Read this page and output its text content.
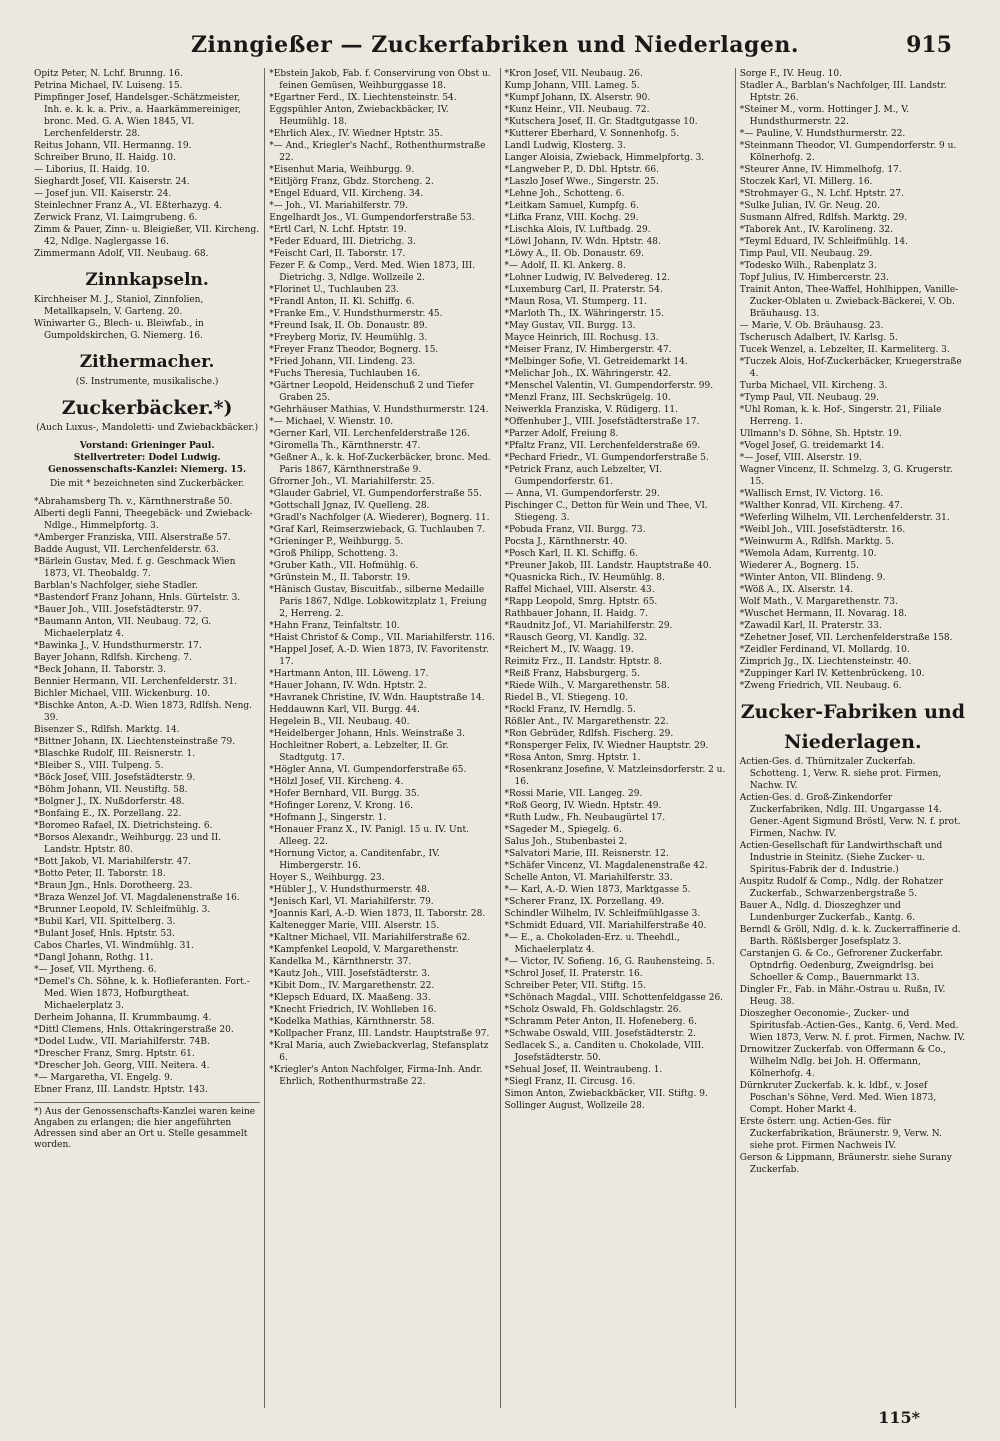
Zinngießer — Zuckerfabriken und Niederlagen.	915

Opitz Peter, N. Lchf. Brunng. 16.

Petrina Michael, IV. Luiseng. 15.

Pimpfinger Josef, Handelsger.-Schätzmeister, Inh. e. k. k. a. Priv., a. Haarkämmereiniger, bronc. Med. G. A. Wien 1845, VI. Lerchenfelderstr. 28.

Reitus Johann, VII. Hermanng. 19.

Schreiber Bruno, II. Haidg. 10.

— Liborius, II. Haidg. 10.

Sieghardt Josef, VII. Kaiserstr. 24.

— Josef jun. VII. Kaiserstr. 24.

Steinlechner Franz A., VI. Eßterhazyg. 4.

Zerwick Franz, VI. Laimgrubeng. 6.

Zimm & Pauer, Zinn- u. Bleigießer, VII. Kircheng. 42, Ndlge. Naglergasse 16.

Zimmermann Adolf, VII. Neubaug. 68.

Zinnkapseln.

Kirchheiser M. J., Staniol, Zinnfolien, Metallkapseln, V. Garteng. 20.

Winiwarter G., Blech- u. Bleiwfab., in Gumpoldskirchen, G. Niemerg. 16.

Zithermacher.
(S. Instrumente, musikalische.)
Zuckerbäcker.*)
(Auch Luxus-, Mandoletti- und Zwiebackbäcker.)
Vorstand: Grieninger Paul.
Stellvertreter: Dodel Ludwig.
Genossenschafts-Kanzlei: Niemerg. 15.
Die mit * bezeichneten sind Zuckerbäcker.

*Abrahamsberg Th. v., Kärnthnerstraße 50.

Alberti degli Fanni, Theegebäck- und Zwieback-Ndlge., Himmelpfortg. 3.

*Amberger Franziska, VIII. Alserstraße 57.

Badde August, VII. Lerchenfelderstr. 63.

*Bärlein Gustav, Med. f. g. Geschmack Wien 1873, VI. Theobaldg. 7.

Barblan's Nachfolger, siehe Stadler.

*Bastendorf Franz Johann, Hnls. Gürtelstr. 3.

*Bauer Joh., VIII. Josefstädterstr. 97.

*Baumann Anton, VII. Neubaug. 72, G. Michaelerplatz 4.

*Bawinka J., V. Hundsthurmerstr. 17.

Bayer Johann, Rdlfsh. Kircheng. 7.

*Beck Johann, II. Taborstr. 3.

Bennier Hermann, VII. Lerchenfelderstr. 31.

Bichler Michael, VIII. Wickenburg. 10.

*Bischke Anton, A.-D. Wien 1873, Rdlfsh. Neng. 39.

Bisenzer S., Rdlfsh. Marktg. 14.

*Bittner Johann, IX. Liechtensteinstraße 79.

*Blaschke Rudolf, III. Reisnerstr. 1.

*Bleiber S., VIII. Tulpeng. 5.

*Böck Josef, VIII. Josefstädterstr. 9.

*Böhm Johann, VII. Neustiftg. 58.

*Bolgner J., IX. Nußdorferstr. 48.

*Bonfaing E., IX. Porzellang. 22.

*Boromeo Rafael, IX. Dietrichsteing. 6.

*Borsos Alexandr., Weihburgg. 23 und II. Landstr. Hptstr. 80.

*Bott Jakob, VI. Mariahilferstr. 47.

*Botto Peter, II. Taborstr. 18.

*Braun Jgn., Hnls. Dorotheerg. 23.

*Braza Wenzel Jof. VI. Magdalenenstraße 16.

*Brunner Leopold, IV. Schleifmühlg. 3.

*Bubil Karl, VII. Spittelberg. 3.

*Bulant Josef, Hnls. Hptstr. 53.

Cabos Charles, VI. Windmühlg. 31.

*Dangl Johann, Rothg. 11.

*— Josef, VII. Myrtheng. 6.

*Demel's Ch. Söhne, k. k. Hoflieferanten. Fort.-Med. Wien 1873, Hofburgtheat. Michaelerplatz 3.

Derheim Johanna, II. Krummbaumg. 4.

*Dittl Clemens, Hnls. Ottakringerstraße 20.

*Dodel Ludw., VII. Mariahilferstr. 74B.

*Drescher Franz, Smrg. Hptstr. 61.

*Drescher Joh. Georg, VIII. Neitera. 4.

*— Margaretha, VI. Engelg. 9.

Ebner Franz, III. Landstr. Hptstr. 143.

*) Aus der Genossenschafts-Kanzlei waren keine Angaben zu erlangen; die hier angeführten Adressen sind aber an Ort u. Stelle gesammelt worden.

*Ebstein Jakob, Fab. f. Conservirung von Obst u. feinen Gemüsen, Weihburggasse 18.

*Egartner Ferd., IX. Liechtensteinstr. 54.

Eggspühler Anton, Zwiebackbäcker, IV. Heumühlg. 18.

*Ehrlich Alex., IV. Wiedner Hptstr. 35.

*— And., Kriegler's Nachf., Rothenthurmstraße 22.

*Eisenhut Maria, Weihburgg. 9.

*Eitljörg Franz, Gbdz. Storcheng. 2.

*Engel Eduard, VII. Kircheng. 34.

*— Joh., VI. Mariahilferstr. 79.

Engelhardt Jos., VI. Gumpendorferstraße 53.

*Ertl Carl, N. Lchf. Hptstr. 19.

*Feder Eduard, III. Dietrichg. 3.

*Feischt Carl, II. Taborstr. 17.

Fezer F. & Comp., Verd. Med. Wien 1873, III. Dietrichg. 3, Ndlge. Wollzeile 2.

*Florinet U., Tuchlauben 23.

*Frandl Anton, II. Kl. Schiffg. 6.

*Franke Em., V. Hundsthurmerstr. 45.

*Freund Isak, II. Ob. Donaustr. 89.

*Freyberg Moriz, IV. Heumühlg. 3.

*Freyer Franz Theodor, Bognerg. 15.

*Fried Johann, VII. Lindeng. 23.

*Fuchs Theresia, Tuchlauben 16.

*Gärtner Leopold, Heidenschuß 2 und Tiefer Graben 25.

*Gehrhäuser Mathias, V. Hundsthurmerstr. 124.

*— Michael, V. Wienstr. 10.

*Gerner Karl, VII. Lerchenfelderstraße 126.

*Giromella Th., Kärnthnerstr. 47.

*Geßner A., k. k. Hof-Zuckerbäcker, bronc. Med. Paris 1867, Kärnthnerstraße 9.

Gfrorner Joh., VI. Mariahilferstr. 25.

*Glauder Gabriel, VI. Gumpendorferstraße 55.

*Gottschall Jgnaz, IV. Quelleng. 28.

*Gradl's Nachfolger (A. Wiederer), Bognerg. 11.

*Graf Karl, Reimserzwieback, G. Tuchlauben 7.

*Grieninger P., Weihburgg. 5.

*Groß Philipp, Schotteng. 3.

*Gruber Kath., VII. Hofmühlg. 6.

*Grünstein M., II. Taborstr. 19.

*Hänisch Gustav, Biscuitfab., silberne Medaille Paris 1867, Ndlge. Lobkowitzplatz 1, Freiung 2, Herreng. 2.

*Hahn Franz, Teinfaltstr. 10.

*Haist Christof & Comp., VII. Mariahilferstr. 116.

*Happel Josef, A.-D. Wien 1873, IV. Favoritenstr. 17.

*Hartmann Anton, III. Löweng. 17.

*Hauer Johann, IV. Wdn. Hptstr. 2.

*Havranek Christine, IV. Wdn. Hauptstraße 14.

Heddauwnn Karl, VII. Burgg. 44.

Hegelein B., VII. Neubaug. 40.

*Heidelberger Johann, Hnls. Weinstraße 3.

Hochleitner Robert, a. Lebzelter, II. Gr. Stadtgutg. 17.

*Högler Anna, VI. Gumpendorferstraße 65.

*Hölzl Josef, VII. Kircheng. 4.

*Hofer Bernhard, VII. Burgg. 35.

*Hofinger Lorenz, V. Krong. 16.

*Hofmann J., Singerstr. 1.

*Honauer Franz X., IV. Panigl. 15 u. IV. Unt. Alleeg. 22.

*Hornung Victor, a. Canditenfabr., IV. Himbergerstr. 16.

Hoyer S., Weihburgg. 23.

*Hübler J., V. Hundsthurmerstr. 48.

*Jenisch Karl, VI. Mariahilferstr. 79.

*Joannis Karl, A.-D. Wien 1873, II. Taborstr. 28.

Kaltenegger Marie, VIII. Alserstr. 15.

*Kaltner Michael, VII. Mariahilferstraße 62.

*Kampfenkel Leopold, V. Margarethenstr.

Kandelka M., Kärnthnerstr. 37.

*Kautz Joh., VIII. Josefstädterstr. 3.

*Kibit Dom., IV. Margarethenstr. 22.

*Klepsch Eduard, IX. Maaßeng. 33.

*Knecht Friedrich, IV. Wohlleben 16.

*Kodelka Mathias, Kärnthnerstr. 58.

*Kollpacher Franz, III. Landstr. Hauptstraße 97.

*Kral Maria, auch Zwiebackverlag, Stefansplatz 6.

*Kriegler's Anton Nachfolger, Firma-Inh. Andr. Ehrlich, Rothenthurmstraße 22.

*Kron Josef, VII. Neubaug. 26.

Kump Johann, VIII. Lameg. 5.

*Kumpf Johann, IX. Alserstr. 90.

*Kunz Heinr., VII. Neubaug. 72.

*Kutschera Josef, II. Gr. Stadtgutgasse 10.

*Kutterer Eberhard, V. Sonnenhofg. 5.

Landl Ludwig, Klosterg. 3.

Langer Aloisia, Zwieback, Himmelpfortg. 3.

*Langweber P., D. Dbl. Hptstr. 66.

*Laszlo Josef Wwe., Singerstr. 25.

*Lehne Joh., Schotteng. 6.

*Leitkam Samuel, Kumpfg. 6.

*Lifka Franz, VIII. Kochg. 29.

*Lischka Alois, IV. Luftbadg. 29.

*Löwl Johann, IV. Wdn. Hptstr. 48.

*Löwy A., II. Ob. Donaustr. 69.

*— Adolf, II. Kl. Ankerg. 8.

*Lohner Ludwig, IV. Belvedereg. 12.

*Luxemburg Carl, II. Praterstr. 54.

*Maun Rosa, VI. Stumperg. 11.

*Marloth Th., IX. Währingerstr. 15.

*May Gustav, VII. Burgg. 13.

Mayce Heinrich, III. Rochusg. 13.

*Meiser Franz, IV. Himbergerstr. 47.

*Melbinger Sofie, VI. Getreidemarkt 14.

*Melichar Joh., IX. Währingerstr. 42.

*Menschel Valentin, VI. Gumpendorferstr. 99.

*Menzl Franz, III. Sechskrügelg. 10.

Neiwerkla Franziska, V. Rüdigerg. 11.

*Offenhuber J., VIII. Josefstädterstraße 17.

*Parzer Adolf, Freiung 8.

*Pfaltz Franz, VII. Lerchenfelderstraße 69.

*Pechard Friedr., VI. Gumpendorferstraße 5.

*Petrick Franz, auch Lebzelter, VI. Gumpendorferstr. 61.

— Anna, VI. Gumpendorferstr. 29.

Pischinger C., Detton für Wein und Thee, VI. Stiegeng. 3.

*Pobuda Franz, VII. Burgg. 73.

Pocsta J., Kärnthnerstr. 40.

*Posch Karl, II. Kl. Schiffg. 6.

*Preuner Jakob, III. Landstr. Hauptstraße 40.

*Quasnicka Rich., IV. Heumühlg. 8.

Raffel Michael, VIII. Alserstr. 43.

*Rapp Leopold, Smrg. Hptstr. 65.

Rathbauer Johann, II. Haidg. 7.

*Raudnitz Jof., VI. Mariahilferstr. 29.

*Rausch Georg, VI. Kandlg. 32.

*Reichert M., IV. Waagg. 19.

Reimitz Frz., II. Landstr. Hptstr. 8.

*Reiß Franz, Habsburgerg. 5.

*Riede Wilh., V. Margarethenstr. 58.

Riedel B., VI. Stiegeng. 10.

*Rockl Franz, IV. Herndlg. 5.

Rößler Ant., IV. Margarethenstr. 22.

*Ron Gebrüder, Rdlfsh. Fischerg. 29.

*Ronsperger Felix, IV. Wiedner Hauptstr. 29.

*Rosa Anton, Smrg. Hptstr. 1.

*Rosenkranz Josefine, V. Matzleinsdorferstr. 2 u. 16.

*Rossi Marie, VII. Langeg. 29.

*Roß Georg, IV. Wiedn. Hptstr. 49.

*Ruth Ludw., Fh. Neubaugürtel 17.

*Sageder M., Spiegelg. 6.

Salus Joh., Stubenbastei 2.

*Salvatori Marie, III. Reisnerstr. 12.

*Schäfer Vincenz, VI. Magdalenenstraße 42.

Schelle Anton, VI. Mariahilferstr. 33.

*— Karl, A.-D. Wien 1873, Marktgasse 5.

*Scherer Franz, IX. Porzellang. 49.

Schindler Wilhelm, IV. Schleifmühlgasse 3.

*Schmidt Eduard, VII. Mariahilferstraße 40.

*— E., a. Chokoladen-Erz. u. Theehdl., Michaelerplatz 4.

*— Victor, IV. Sofieng. 16, G. Rauhensteing. 5.

*Schrol Josef, II. Praterstr. 16.

Schreiber Peter, VII. Stiftg. 15.

*Schönach Magdal., VIII. Schottenfeldgasse 26.

*Scholz Oswald, Fh. Goldschlagstr. 26.

*Schramm Peter Anton, II. Hofeneberg. 6.

*Schwabe Oswald, VIII. Josefstädterstr. 2.

Sedlacek S., a. Canditen u. Chokolade, VIII. Josefstädterstr. 50.

*Sehual Josef, II. Weintraubeng. 1.

*Siegl Franz, II. Circusg. 16.

Simon Anton, Zwiebackbäcker, VII. Stiftg. 9.

Sollinger August, Wollzeile 28.

Sorge F., IV. Heug. 10.

Stadler A., Barblan's Nachfolger, III. Landstr. Hptstr. 26.

*Steiner M., vorm. Hottinger J. M., V. Hundsthurmerstr. 22.

*— Pauline, V. Hundsthurmerstr. 22.

*Steinmann Theodor, VI. Gumpendorferstr. 9 u. Kölnerhofg. 2.

*Steurer Anne, IV. Himmelhofg. 17.

Stoczek Karl, VI. Millerg. 16.

*Strohmayer G., N. Lchf. Hptstr. 27.

*Sulke Julian, IV. Gr. Neug. 20.

Susmann Alfred, Rdlfsh. Marktg. 29.

*Taborek Ant., IV. Karolineng. 32.

*Teyml Eduard, IV. Schleifmühlg. 14.

Timp Paul, VII. Neubaug. 29.

*Todesko Wilh., Rabenplatz 3.

Topf Julius, IV. Himbercerstr. 23.

Trainit Anton, Thee-Waffel, Hohlhippen, Vanille-Zucker-Oblaten u. Zwieback-Bäckerei, V. Ob. Bräuhausg. 13.

— Marie, V. Ob. Bräuhausg. 23.

Tscherusch Adalbert, IV. Karlsg. 5.

Tucek Wenzel, a. Lebzelter, II. Karmeliterg. 3.

*Tuczek Alois, Hof-Zuckerbäcker, Kruegerstraße 4.

Turba Michael, VII. Kircheng. 3.

*Tymp Paul, VII. Neubaug. 29.

*Uhl Roman, k. k. Hof-, Singerstr. 21, Filiale Herreng. 1.

Ullmann's D. Söhne, Sh. Hptstr. 19.

*Vogel Josef, G. treidemarkt 14.

*— Josef, VIII. Alserstr. 19.

Wagner Vincenz, II. Schmelzg. 3, G. Krugerstr. 15.

*Wallisch Ernst, IV. Victorg. 16.

*Walther Konrad, VII. Kircheng. 47.

*Weferling Wilhelm, VII. Lerchenfelderstr. 31.

*Weibl Joh., VIII. Josefstädterstr. 16.

*Weinwurm A., Rdlfsh. Marktg. 5.

*Wemola Adam, Kurrentg. 10.

Wiederer A., Bognerg. 15.

*Winter Anton, VII. Blindeng. 9.

*Wöß A., IX. Alserstr. 14.

Wolf Math., V. Margarethenstr. 73.

*Wuschet Hermann, II. Novarag. 18.

*Zawadil Karl, II. Praterstr. 33.

*Zehetner Josef, VII. Lerchenfelderstraße 158.

*Zeidler Ferdinand, VI. Mollardg. 10.

Zimprich Jg., IX. Liechtensteinstr. 40.

*Zuppinger Karl IV. Kettenbrückeng. 10.

*Zweng Friedrich, VII. Neubaug. 6.

Zucker-Fabriken und
Niederlagen.

Actien-Ges. d. Thürnitzaler Zuckerfab. Schotteng. 1, Verw. R. siehe prot. Firmen, Nachw. IV.

Actien-Ges. d. Groß-Zinkendorfer Zuckerfabriken, Ndlg. III. Ungargasse 14. Gener.-Agent Sigmund Bröstl, Verw. N. f. prot. Firmen, Nachw. IV.

Actien-Gesellschaft für Landwirthschaft und Industrie in Steinitz. (Siehe Zucker- u. Spiritus-Fabrik der d. Industrie.)

Auspitz Rudolf & Comp., Ndlg. der Rohatzer Zuckerfab., Schwarzenbergstraße 5.

Bauer A., Ndlg. d. Dioszeghzer und Lundenburger Zuckerfab., Kantg. 6.

Berndl & Gröll, Ndlg. d. k. k. Zuckerraffinerie d. Barth. Rößlsberger Josefsplatz 3.

Carstanjen G. & Co., Gefrorener Zuckerfabr. Optndrfig. Oedenburg, Zweigndrlsg. bei Schoeller & Comp., Bauernmarkt 13.

Dingler Fr., Fab. in Mähr.-Ostrau u. Rußn, IV. Heug. 38.

Dioszegher Oeconomie-, Zucker- und Spiritusfab.-Actien-Ges., Kantg. 6, Verd. Med. Wien 1873, Verw. N. f. prot. Firmen, Nachw. IV.

Drnowitzer Zuckerfab. von Offermann & Co., Wilhelm Ndlg. bei Joh. H. Offermann, Kölnerhofg. 4.

Dürnkruter Zuckerfab. k. k. ldbf., v. Josef Poschan's Söhne, Verd. Med. Wien 1873, Compt. Hoher Markt 4.

Erste österr. ung. Actien-Ges. für Zuckerfabrikation, Bräunerstr. 9, Verw. N. siehe prot. Firmen Nachweis IV.

Gerson & Lippmann, Bräunerstr. siehe Surany Zuckerfab.

115*
